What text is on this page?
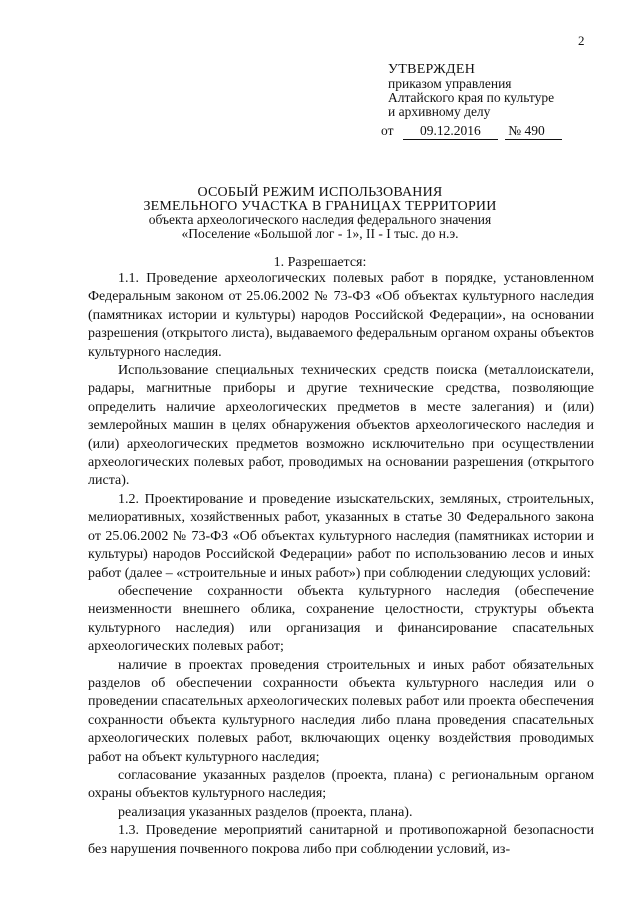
2
УТВЕРЖДЕН
приказом управления
Алтайского края по культуре
и архивному делу
от 09.12.2016 № 490
ОСОБЫЙ РЕЖИМ ИСПОЛЬЗОВАНИЯ
ЗЕМЕЛЬНОГО УЧАСТКА В ГРАНИЦАХ ТЕРРИТОРИИ
объекта археологического наследия федерального значения
«Поселение «Большой лог - 1», II - I тыс. до н.э.
1. Разрешается:

1.1. Проведение археологических полевых работ в порядке, установленном Федеральным законом от 25.06.2002 № 73-ФЗ «Об объектах культурного наследия (памятниках истории и культуры) народов Российской Федерации», на основании разрешения (открытого листа), выдаваемого федеральным органом охраны объектов культурного наследия.

Использование специальных технических средств поиска (металлоискатели, радары, магнитные приборы и другие технические средства, позволяющие определить наличие археологических предметов в месте залегания) и (или) землеройных машин в целях обнаружения объектов археологического наследия и (или) археологических предметов возможно исключительно при осуществлении археологических полевых работ, проводимых на основании разрешения (открытого листа).

1.2. Проектирование и проведение изыскательских, земляных, строительных, мелиоративных, хозяйственных работ, указанных в статье 30 Федерального закона от 25.06.2002 № 73-ФЗ «Об объектах культурного наследия (памятниках истории и культуры) народов Российской Федерации» работ по использованию лесов и иных работ (далее – «строительные и иных работ») при соблюдении следующих условий:

обеспечение сохранности объекта культурного наследия (обеспечение неизменности внешнего облика, сохранение целостности, структуры объекта культурного наследия) или организация и финансирование спасательных археологических полевых работ;

наличие в проектах проведения строительных и иных работ обязательных разделов об обеспечении сохранности объекта культурного наследия или о проведении спасательных археологических полевых работ или проекта обеспечения сохранности объекта культурного наследия либо плана проведения спасательных археологических полевых работ, включающих оценку воздействия проводимых работ на объект культурного наследия;

согласование указанных разделов (проекта, плана) с региональным органом охраны объектов культурного наследия;

реализация указанных разделов (проекта, плана).

1.3. Проведение мероприятий санитарной и противопожарной безопасности без нарушения почвенного покрова либо при соблюдении условий, из-
